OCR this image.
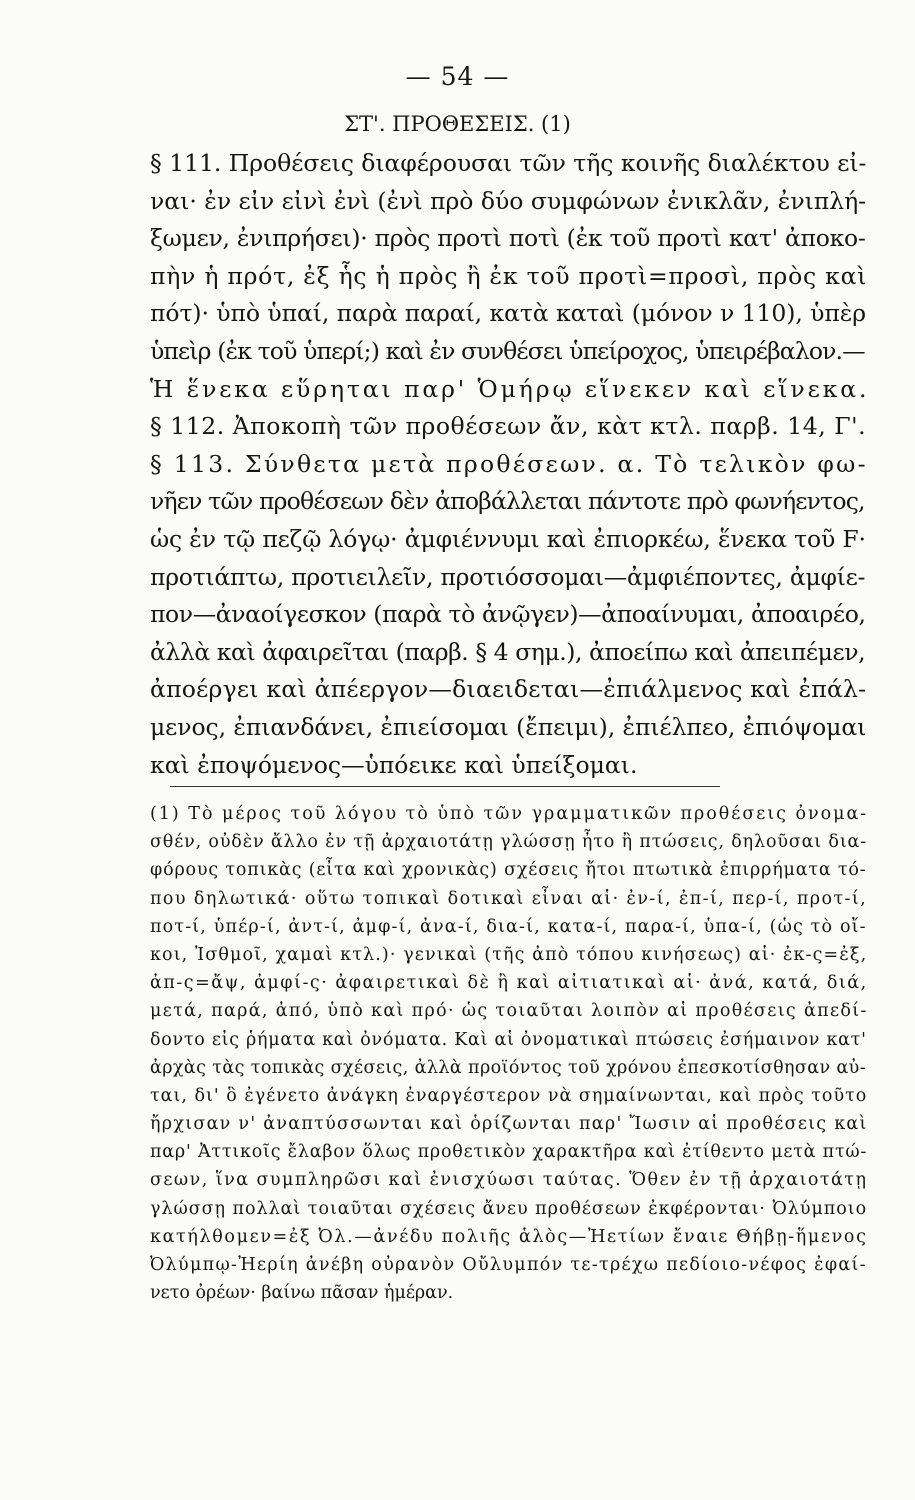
— 54 —
ΣΤ'. ΠΡΟΘΕΣΕΙΣ. (1)
§ 111. Προθέσεις διαφέρουσαι τῶν τῆς κοινῆς διαλέκτου εἰ-
ναι· ἐν εἰν εἰνὶ ἐνὶ (ἐνὶ πρὸ δύο συμφώνων ἐνικλᾶν, ἐνιπλή-
ξωμεν, ἐνιπρήσει)· πρὸς προτὶ ποτὶ (ἐκ τοῦ προτὶ κατ' ἀποκο-
πὴν ἡ πρότ, ἐξ ἧς ἡ πρὸς ἢ ἐκ τοῦ προτὶ=προσὶ, πρὸς καὶ
πότ)· ὑπὸ ὑπαί, παρὰ παραί, κατὰ καταὶ (μόνον ν 110), ὑπὲρ
ὑπεὶρ (ἐκ τοῦ ὑπερί;) καὶ ἐν συνθέσει ὑπείροχος, ὑπειρέβαλον.—
Ἡ ἕνεκα εὕρηται παρ' Ὁμήρῳ εἵνεκεν καὶ εἵνεκα.
§ 112. Ἀποκοπὴ τῶν προθέσεων ἄν, κὰτ κτλ. παρβ. 14, Γ'.
§ 113. Σύνθετα μετὰ προθέσεων. α. Τὸ τελικὸν φω-
νῆεν τῶν προθέσεων δὲν ἀποβάλλεται πάντοτε πρὸ φωνήεντος,
ὡς ἐν τῷ πεζῷ λόγῳ· ἀμφιέννυμι καὶ ἐπιορκέω, ἕνεκα τοῦ F·
προτιάπτω, προτιειλεῖν, προτιόσσομαι—ἀμφιέποντες, ἀμφίε-
πον—ἀναοίγεσκον (παρὰ τὸ ἀνῷγεν)—ἀποαίνυμαι, ἀποαιρέο,
ἀλλὰ καὶ ἀφαιρεῖται (παρβ. § 4 σημ.), ἀποείπω καὶ ἀπειπέμεν,
ἀποέργει καὶ ἀπέεργον—διαειδεται—ἐπιάλμενος καὶ ἐπάλ-
μενος, ἐπιανδάνει, ἐπιείσομαι (ἔπειμι), ἐπιέλπεο, ἐπιόψομαι
καὶ ἐποψόμενος—ὑπόεικε καὶ ὑπείξομαι.
(1) Τὸ μέρος τοῦ λόγου τὸ ὑπὸ τῶν γραμματικῶν προθέσεις ὀνομα-
σθέν, οὐδὲν ἄλλο ἐν τῇ ἀρχαιοτάτῃ γλώσσῃ ἦτο ἢ πτώσεις, δηλοῦσαι δια-
φόρους τοπικὰς (εἶτα καὶ χρονικὰς) σχέσεις ἤτοι πτωτικὰ ἐπιρρήματα τό-
που δηλωτικά· οὕτω τοπικαὶ δοτικαὶ εἶναι αἱ· ἐν-ί, ἐπ-ί, περ-ί, προτ-ί,
ποτ-ί, ὑπέρ-ί, ἀντ-ί, ἀμφ-ί, ἀνα-ί, δια-ί, κατα-ί, παρα-ί, ὑπα-ί, (ὡς τὸ οἴ-
κοι, Ἰσθμοῖ, χαμαὶ κτλ.)· γενικαὶ (τῆς ἀπὸ τόπου κινήσεως) αἱ· ἐκ-ς=ἐξ,
ἀπ-ς=ἄψ, ἀμφί-ς· ἀφαιρετικαὶ δὲ ἢ καὶ αἰτιατικαὶ αἱ· ἀνά, κατά, διά,
μετά, παρά, ἀπό, ὑπὸ καὶ πρό· ὡς τοιαῦται λοιπὸν αἱ προθέσεις ἀπεδί-
δοντο εἰς ῥήματα καὶ ὀνόματα. Καὶ αἱ ὀνοματικαὶ πτώσεις ἐσήμαινον κατ'
ἀρχὰς τὰς τοπικὰς σχέσεις, ἀλλὰ προϊόντος τοῦ χρόνου ἐπεσκοτίσθησαν αὐ-
ται, δι' ὃ ἐγένετο ἀνάγκη ἐναργέστερον νὰ σημαίνωνται, καὶ πρὸς τοῦτο
ἤρχισαν ν' ἀναπτύσσωνται καὶ ὁρίζωνται παρ' Ἴωσιν αἱ προθέσεις καὶ
παρ' Ἀττικοῖς ἔλαβον ὅλως προθετικὸν χαρακτῆρα καὶ ἐτίθεντο μετὰ πτώ-
σεων, ἵνα συμπληρῶσι καὶ ἐνισχύωσι ταύτας. Ὅθεν ἐν τῇ ἀρχαιοτάτῃ
γλώσσῃ πολλαὶ τοιαῦται σχέσεις ἄνευ προθέσεων ἐκφέρονται· Ὀλύμποιο
κατήλθομεν=ἐξ Ὀλ.—ἀνέδυ πολιῆς ἁλὸς—Ἠετίων ἔναιε Θήβῃ-ἥμενος
Ὀλύμπῳ-Ἠερίη ἀνέβη οὐρανὸν Οὔλυμπόν τε-τρέχω πεδίοιο-νέφος ἐφαί-
νετο ὀρέων· βαίνω πᾶσαν ἡμέραν.
